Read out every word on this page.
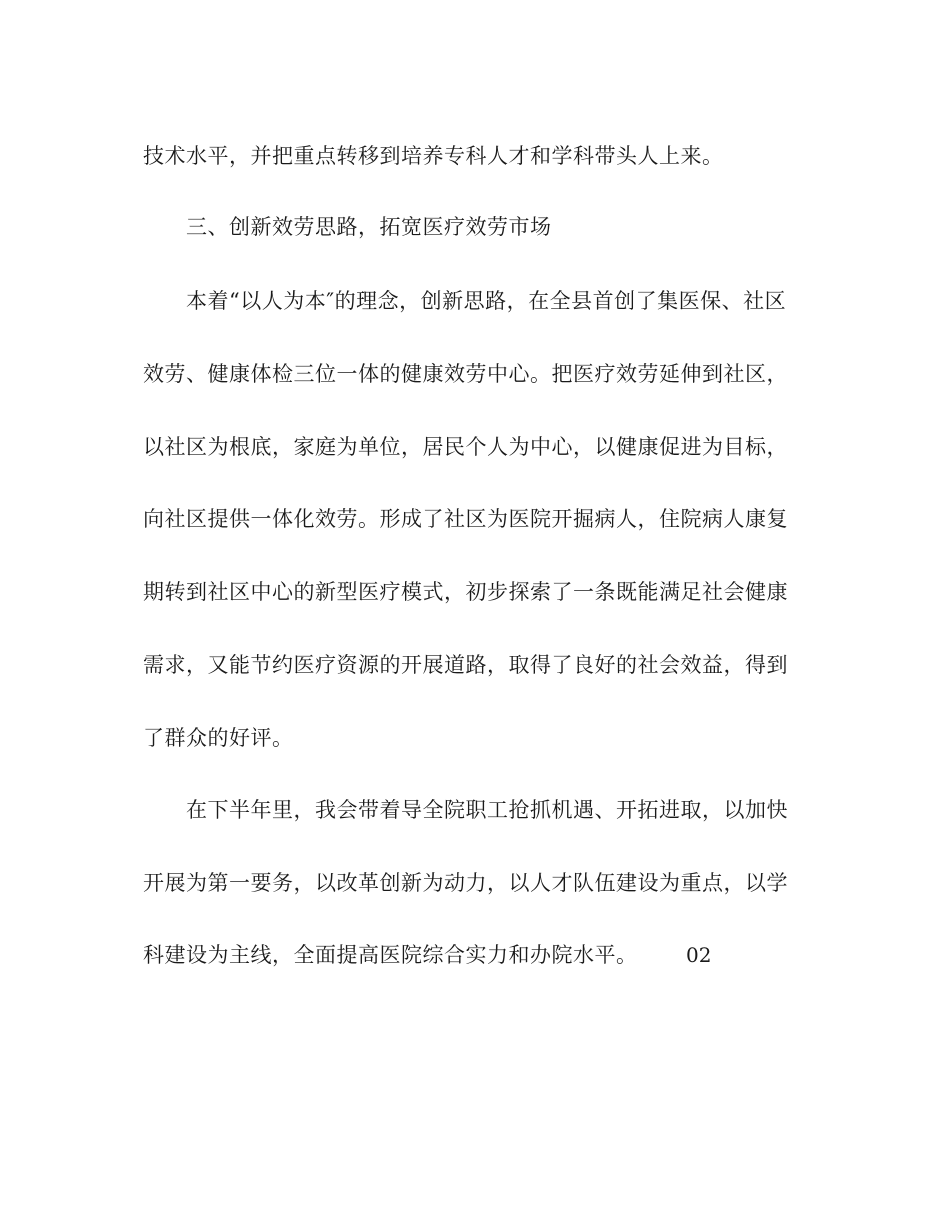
技术水平，并把重点转移到培养专科人才和学科带头人上来。
三、创新效劳思路，拓宽医疗效劳市场
本着“以人为本″的理念，创新思路，在全县首创了集医保、社区
效劳、健康体检三位一体的健康效劳中心。把医疗效劳延伸到社区，
以社区为根底，家庭为单位，居民个人为中心，以健康促进为目标，
向社区提供一体化效劳。形成了社区为医院开掘病人，住院病人康复
期转到社区中心的新型医疗模式，初步探索了一条既能满足社会健康
需求，又能节约医疗资源的开展道路，取得了良好的社会效益，得到
了群众的好评。
在下半年里，我会带着导全院职工抢抓机遇、开拓进取，以加快
开展为第一要务，以改革创新为动力，以人才队伍建设为重点，以学
科建设为主线，全面提高医院综合实力和办院水平。	02
